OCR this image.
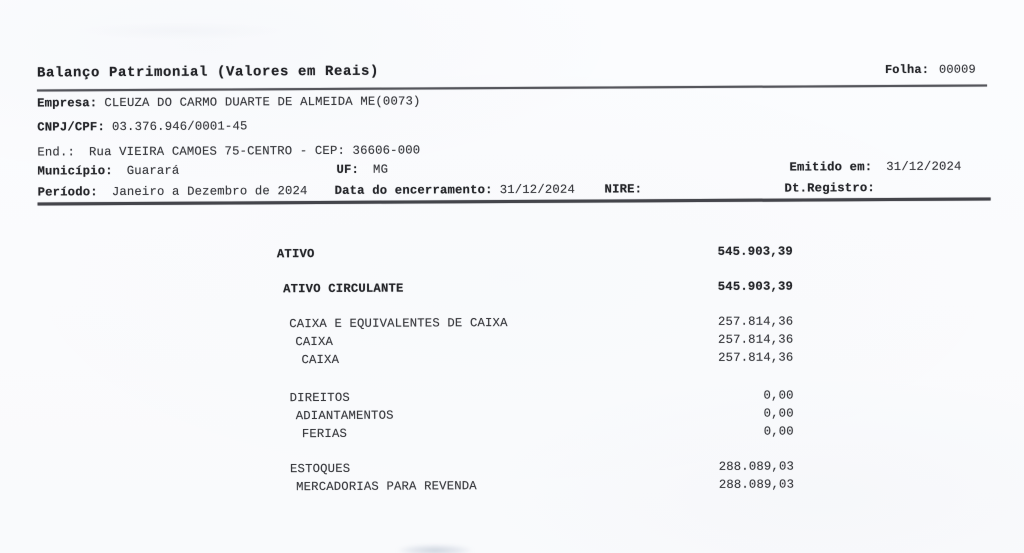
Balanço Patrimonial (Valores em Reais)	Folha: 00009
Empresa: CLEUZA DO CARMO DUARTE DE ALMEIDA ME(0073)
CNPJ/CPF: 03.376.946/0001-45
End.: Rua VIEIRA CAMOES 75-CENTRO - CEP: 36606-000
Município: Guarará	UF: MG	Emitido em: 31/12/2024
Período: Janeiro a Dezembro de 2024 Data do encerramento: 31/12/2024 NIRE:	Dt.Registro:
ATIVO	545.903,39
ATIVO CIRCULANTE	545.903,39
CAIXA E EQUIVALENTES DE CAIXA	257.814,36
CAIXA	257.814,36
CAIXA	257.814,36
DIREITOS	0,00
ADIANTAMENTOS	0,00
FERIAS	0,00
ESTOQUES	288.089,03
MERCADORIAS PARA REVENDA	288.089,03
